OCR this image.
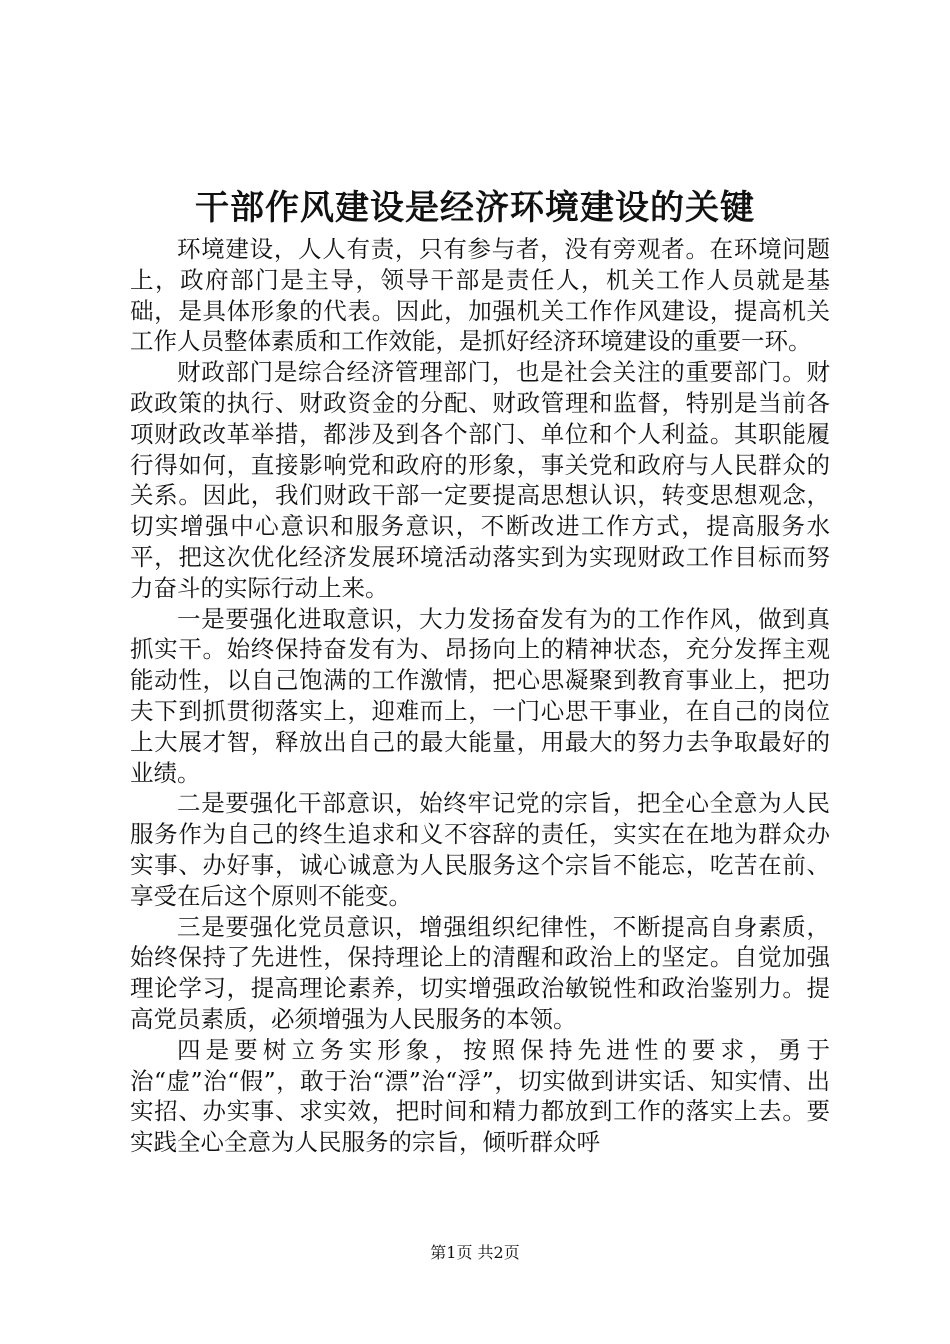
干部作风建设是经济环境建设的关键

环境建设，人人有责，只有参与者，没有旁观者。在环境问题上，政府部门是主导，领导干部是责任人，机关工作人员就是基础，是具体形象的代表。因此，加强机关工作作风建设，提高机关工作人员整体素质和工作效能，是抓好经济环境建设的重要一环。

财政部门是综合经济管理部门，也是社会关注的重要部门。财政政策的执行、财政资金的分配、财政管理和监督，特别是当前各项财政改革举措，都涉及到各个部门、单位和个人利益。其职能履行得如何，直接影响党和政府的形象，事关党和政府与人民群众的关系。因此，我们财政干部一定要提高思想认识，转变思想观念，切实增强中心意识和服务意识，不断改进工作方式，提高服务水平，把这次优化经济发展环境活动落实到为实现财政工作目标而努力奋斗的实际行动上来。

一是要强化进取意识，大力发扬奋发有为的工作作风，做到真抓实干。始终保持奋发有为、昂扬向上的精神状态，充分发挥主观能动性，以自己饱满的工作激情，把心思凝聚到教育事业上，把功夫下到抓贯彻落实上，迎难而上，一门心思干事业，在自己的岗位上大展才智，释放出自己的最大能量，用最大的努力去争取最好的业绩。

二是要强化干部意识，始终牢记党的宗旨，把全心全意为人民服务作为自己的终生追求和义不容辞的责任，实实在在地为群众办实事、办好事，诚心诚意为人民服务这个宗旨不能忘，吃苦在前、享受在后这个原则不能变。

三是要强化党员意识，增强组织纪律性，不断提高自身素质，始终保持了先进性，保持理论上的清醒和政治上的坚定。自觉加强理论学习，提高理论素养，切实增强政治敏锐性和政治鉴别力。提高党员素质，必须增强为人民服务的本领。

四是要树立务实形象，按照保持先进性的要求，勇于治“虚”治“假”，敢于治“漂”治“浮”，切实做到讲实话、知实情、出实招、办实事、求实效，把时间和精力都放到工作的落实上去。要实践全心全意为人民服务的宗旨，倾听群众呼

第1页 共2页
